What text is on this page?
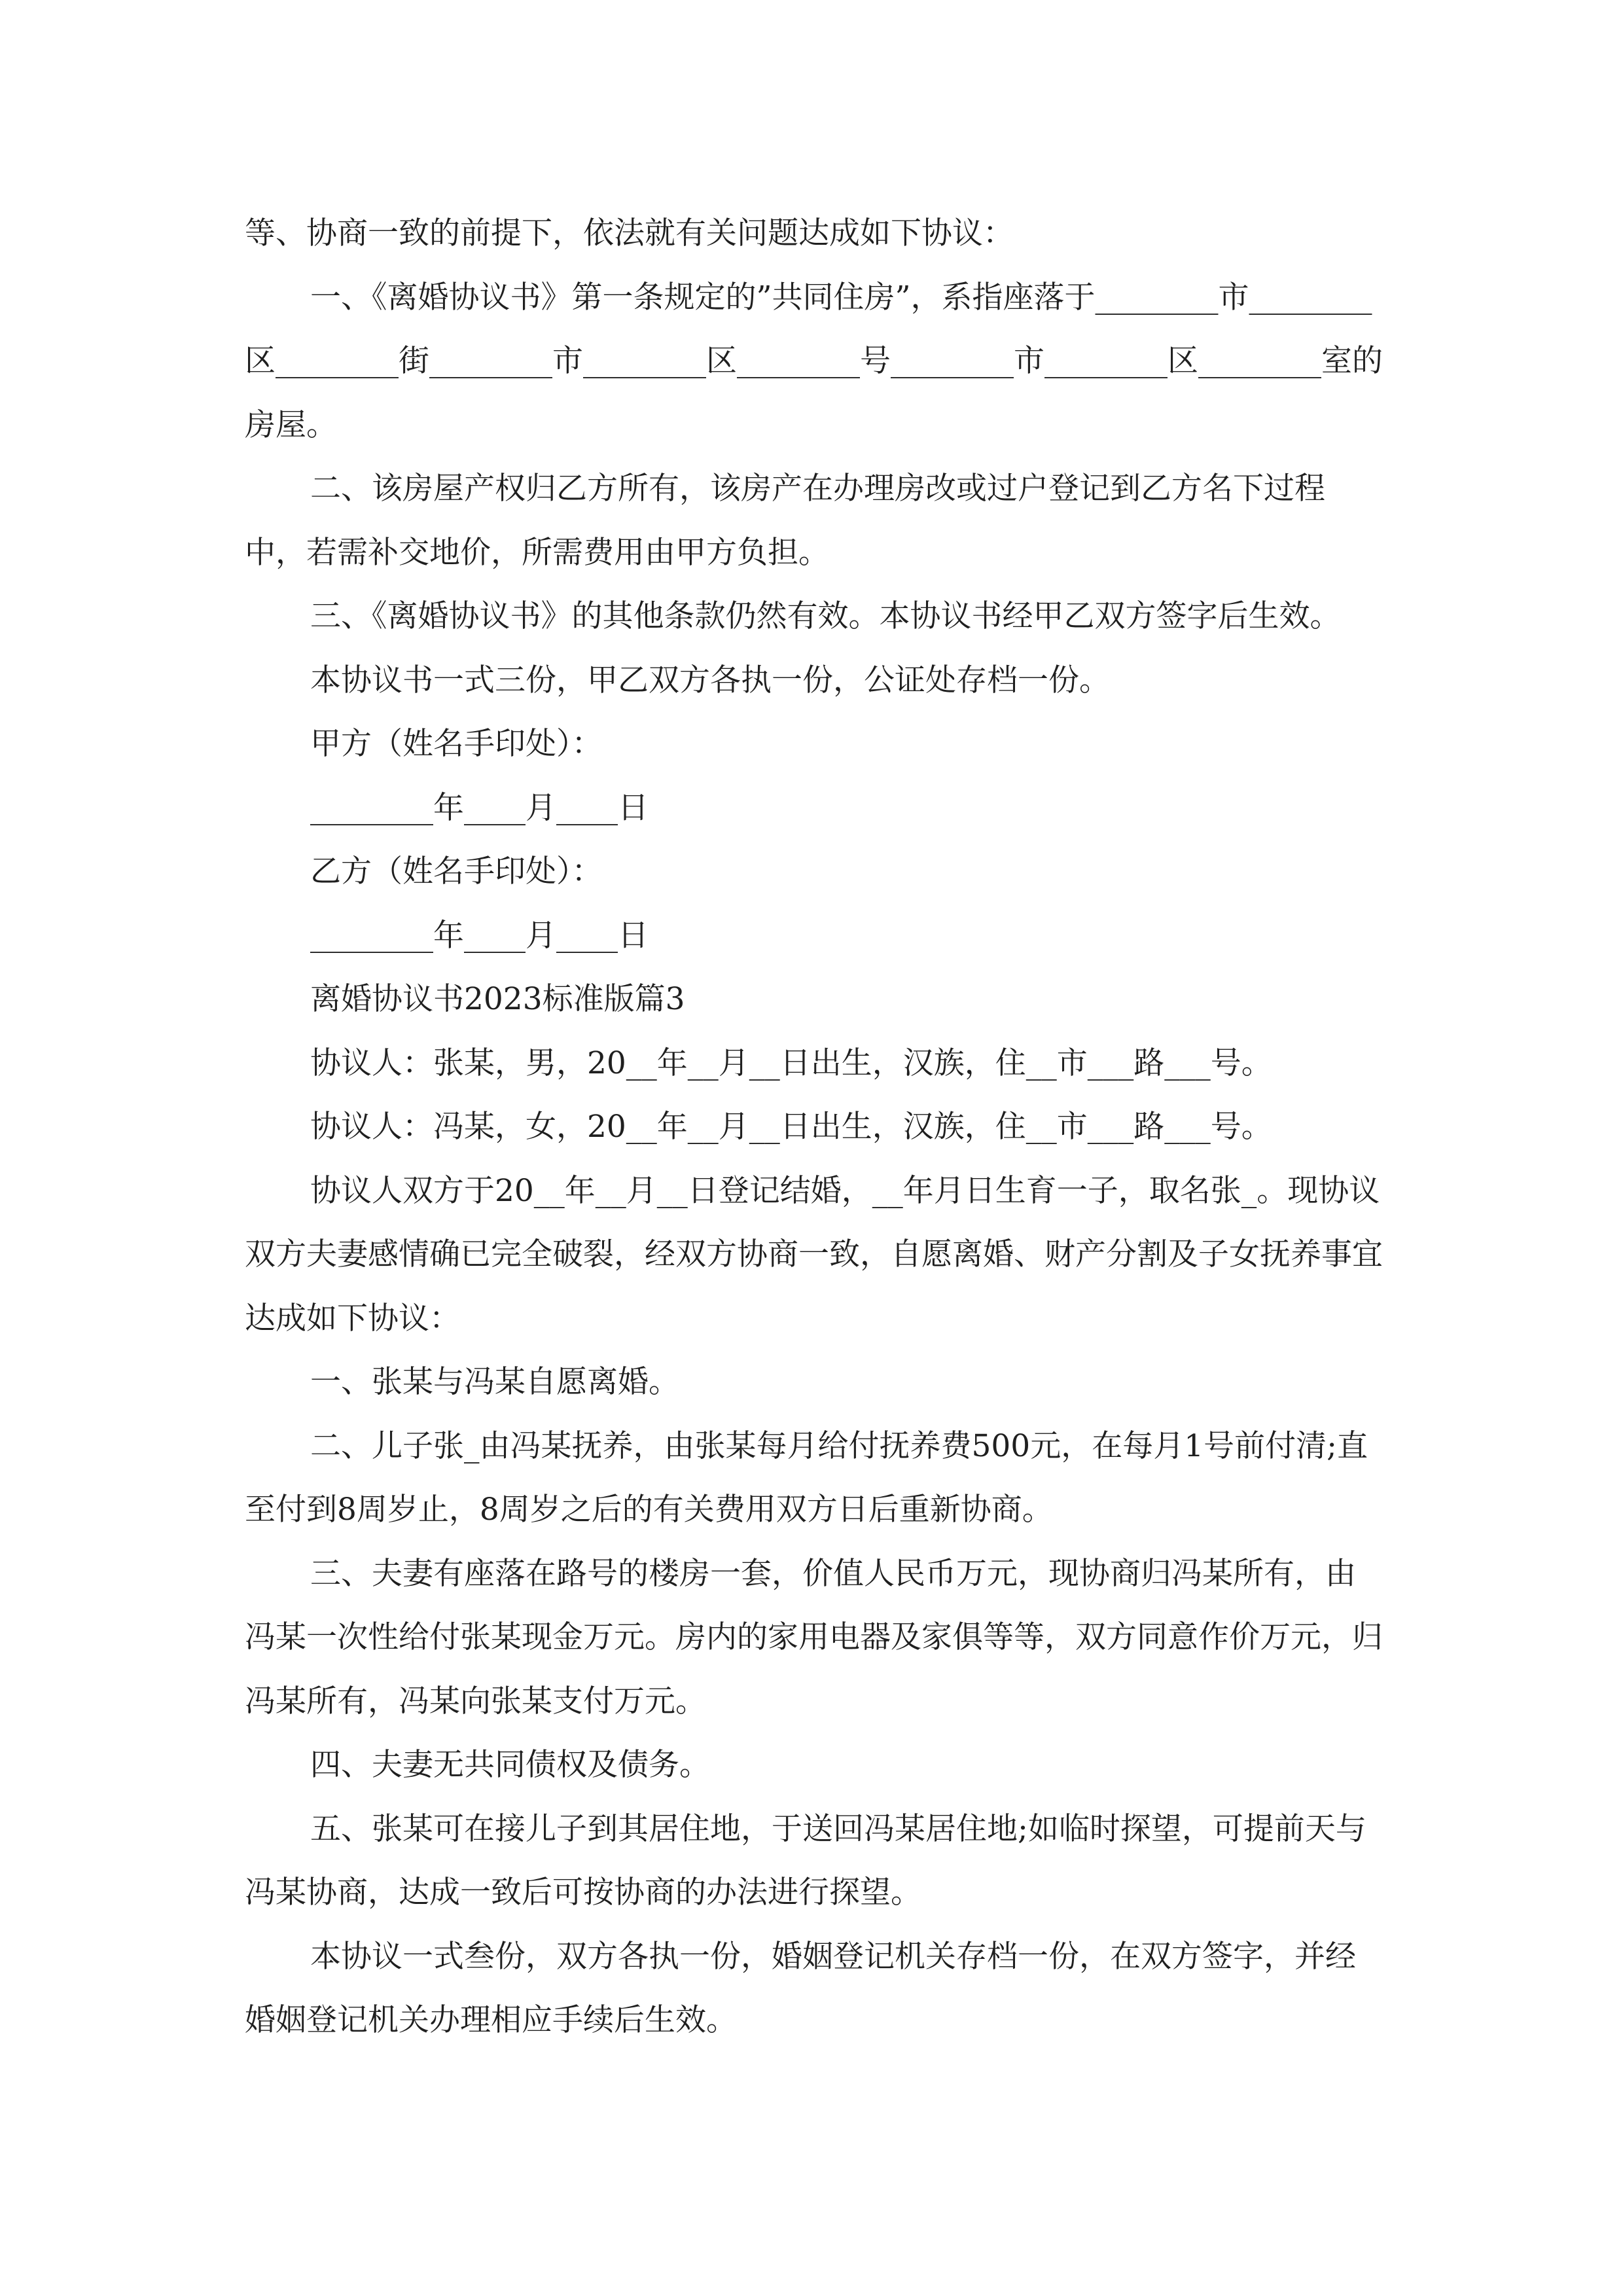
等、协商一致的前提下，依法就有关问题达成如下协议：

一、《离婚协议书》第一条规定的”共同住房”，系指座落于________市________区________街________市________区________号________市________区________室的房屋。

二、该房屋产权归乙方所有，该房产在办理房改或过户登记到乙方名下过程中，若需补交地价，所需费用由甲方负担。

三、《离婚协议书》的其他条款仍然有效。本协议书经甲乙双方签字后生效。

本协议书一式三份，甲乙双方各执一份，公证处存档一份。

甲方（姓名手印处）：

________年____月____日

乙方（姓名手印处）：

________年____月____日

离婚协议书2023标准版篇3

协议人：张某，男，20__年__月__日出生，汉族，住__市___路___号。

协议人：冯某，女，20__年__月__日出生，汉族，住__市___路___号。

协议人双方于20__年__月__日登记结婚，__年月日生育一子，取名张_。现协议双方夫妻感情确已完全破裂，经双方协商一致，自愿离婚、财产分割及子女抚养事宜达成如下协议：

一、张某与冯某自愿离婚。

二、儿子张_由冯某抚养，由张某每月给付抚养费500元，在每月1号前付清;直至付到8周岁止，8周岁之后的有关费用双方日后重新协商。

三、夫妻有座落在路号的楼房一套，价值人民币万元，现协商归冯某所有，由冯某一次性给付张某现金万元。房内的家用电器及家俱等等，双方同意作价万元，归冯某所有，冯某向张某支付万元。

四、夫妻无共同债权及债务。

五、张某可在接儿子到其居住地，于送回冯某居住地;如临时探望，可提前天与冯某协商，达成一致后可按协商的办法进行探望。

本协议一式叁份，双方各执一份，婚姻登记机关存档一份，在双方签字，并经婚姻登记机关办理相应手续后生效。
